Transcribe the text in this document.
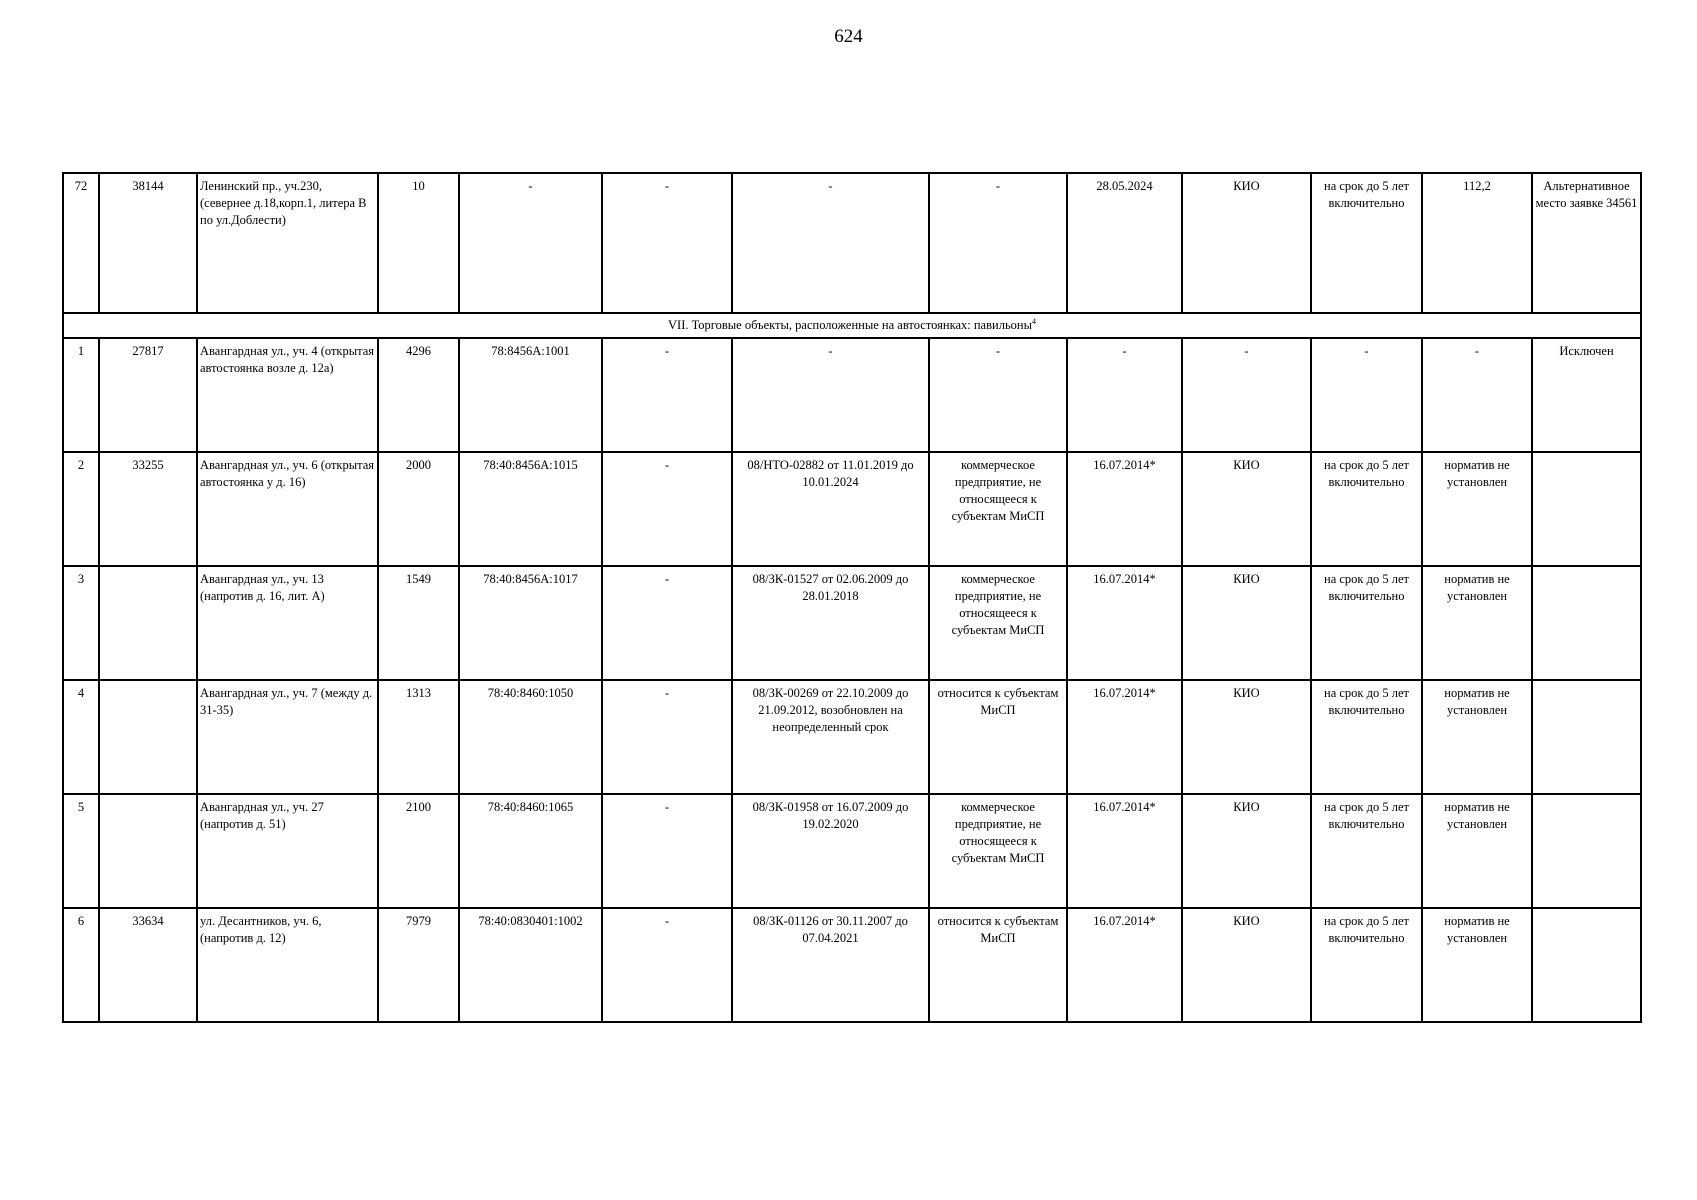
624
72	38144	Ленинский пр., уч.230, (севернее д.18,корп.1, литера В по ул.Доблести)	10	-	-	-	-	28.05.2024	КИО	на срок до 5 лет включительно	112,2	Альтернативное место заявке 34561
VII. Торговые объекты, расположенные на автостоянках: павильоны$^4$
1	27817	Авангардная ул., уч. 4 (открытая автостоянка возле д. 12а)	4296	78:8456А:1001	-	-	-	-	-	-	-	Исключен
2	33255	Авангардная ул., уч. 6 (открытая автостоянка у д. 16)	2000	78:40:8456А:1015	-	08/НТО-02882 от 11.01.2019 до 10.01.2024	коммерческое предприятие, не относящееся к субъектам МиСП	16.07.2014*	КИО	на срок до 5 лет включительно	норматив не установлен	
3		Авангардная ул., уч. 13 (напротив д. 16, лит. А)	1549	78:40:8456А:1017	-	08/ЗК-01527 от 02.06.2009 до 28.01.2018	коммерческое предприятие, не относящееся к субъектам МиСП	16.07.2014*	КИО	на срок до 5 лет включительно	норматив не установлен	
4		Авангардная ул., уч. 7 (между д. 31-35)	1313	78:40:8460:1050	-	08/ЗК-00269 от 22.10.2009 до 21.09.2012, возобновлен на неопределенный срок	относится к субъектам МиСП	16.07.2014*	КИО	на срок до 5 лет включительно	норматив не установлен	
5		Авангардная ул., уч. 27 (напротив д. 51)	2100	78:40:8460:1065	-	08/ЗК-01958 от 16.07.2009 до 19.02.2020	коммерческое предприятие, не относящееся к субъектам МиСП	16.07.2014*	КИО	на срок до 5 лет включительно	норматив не установлен	
6	33634	ул. Десантников, уч. 6, (напротив д. 12)	7979	78:40:0830401:1002	-	08/ЗК-01126 от 30.11.2007 до 07.04.2021	относится к субъектам МиСП	16.07.2014*	КИО	на срок до 5 лет включительно	норматив не установлен	
